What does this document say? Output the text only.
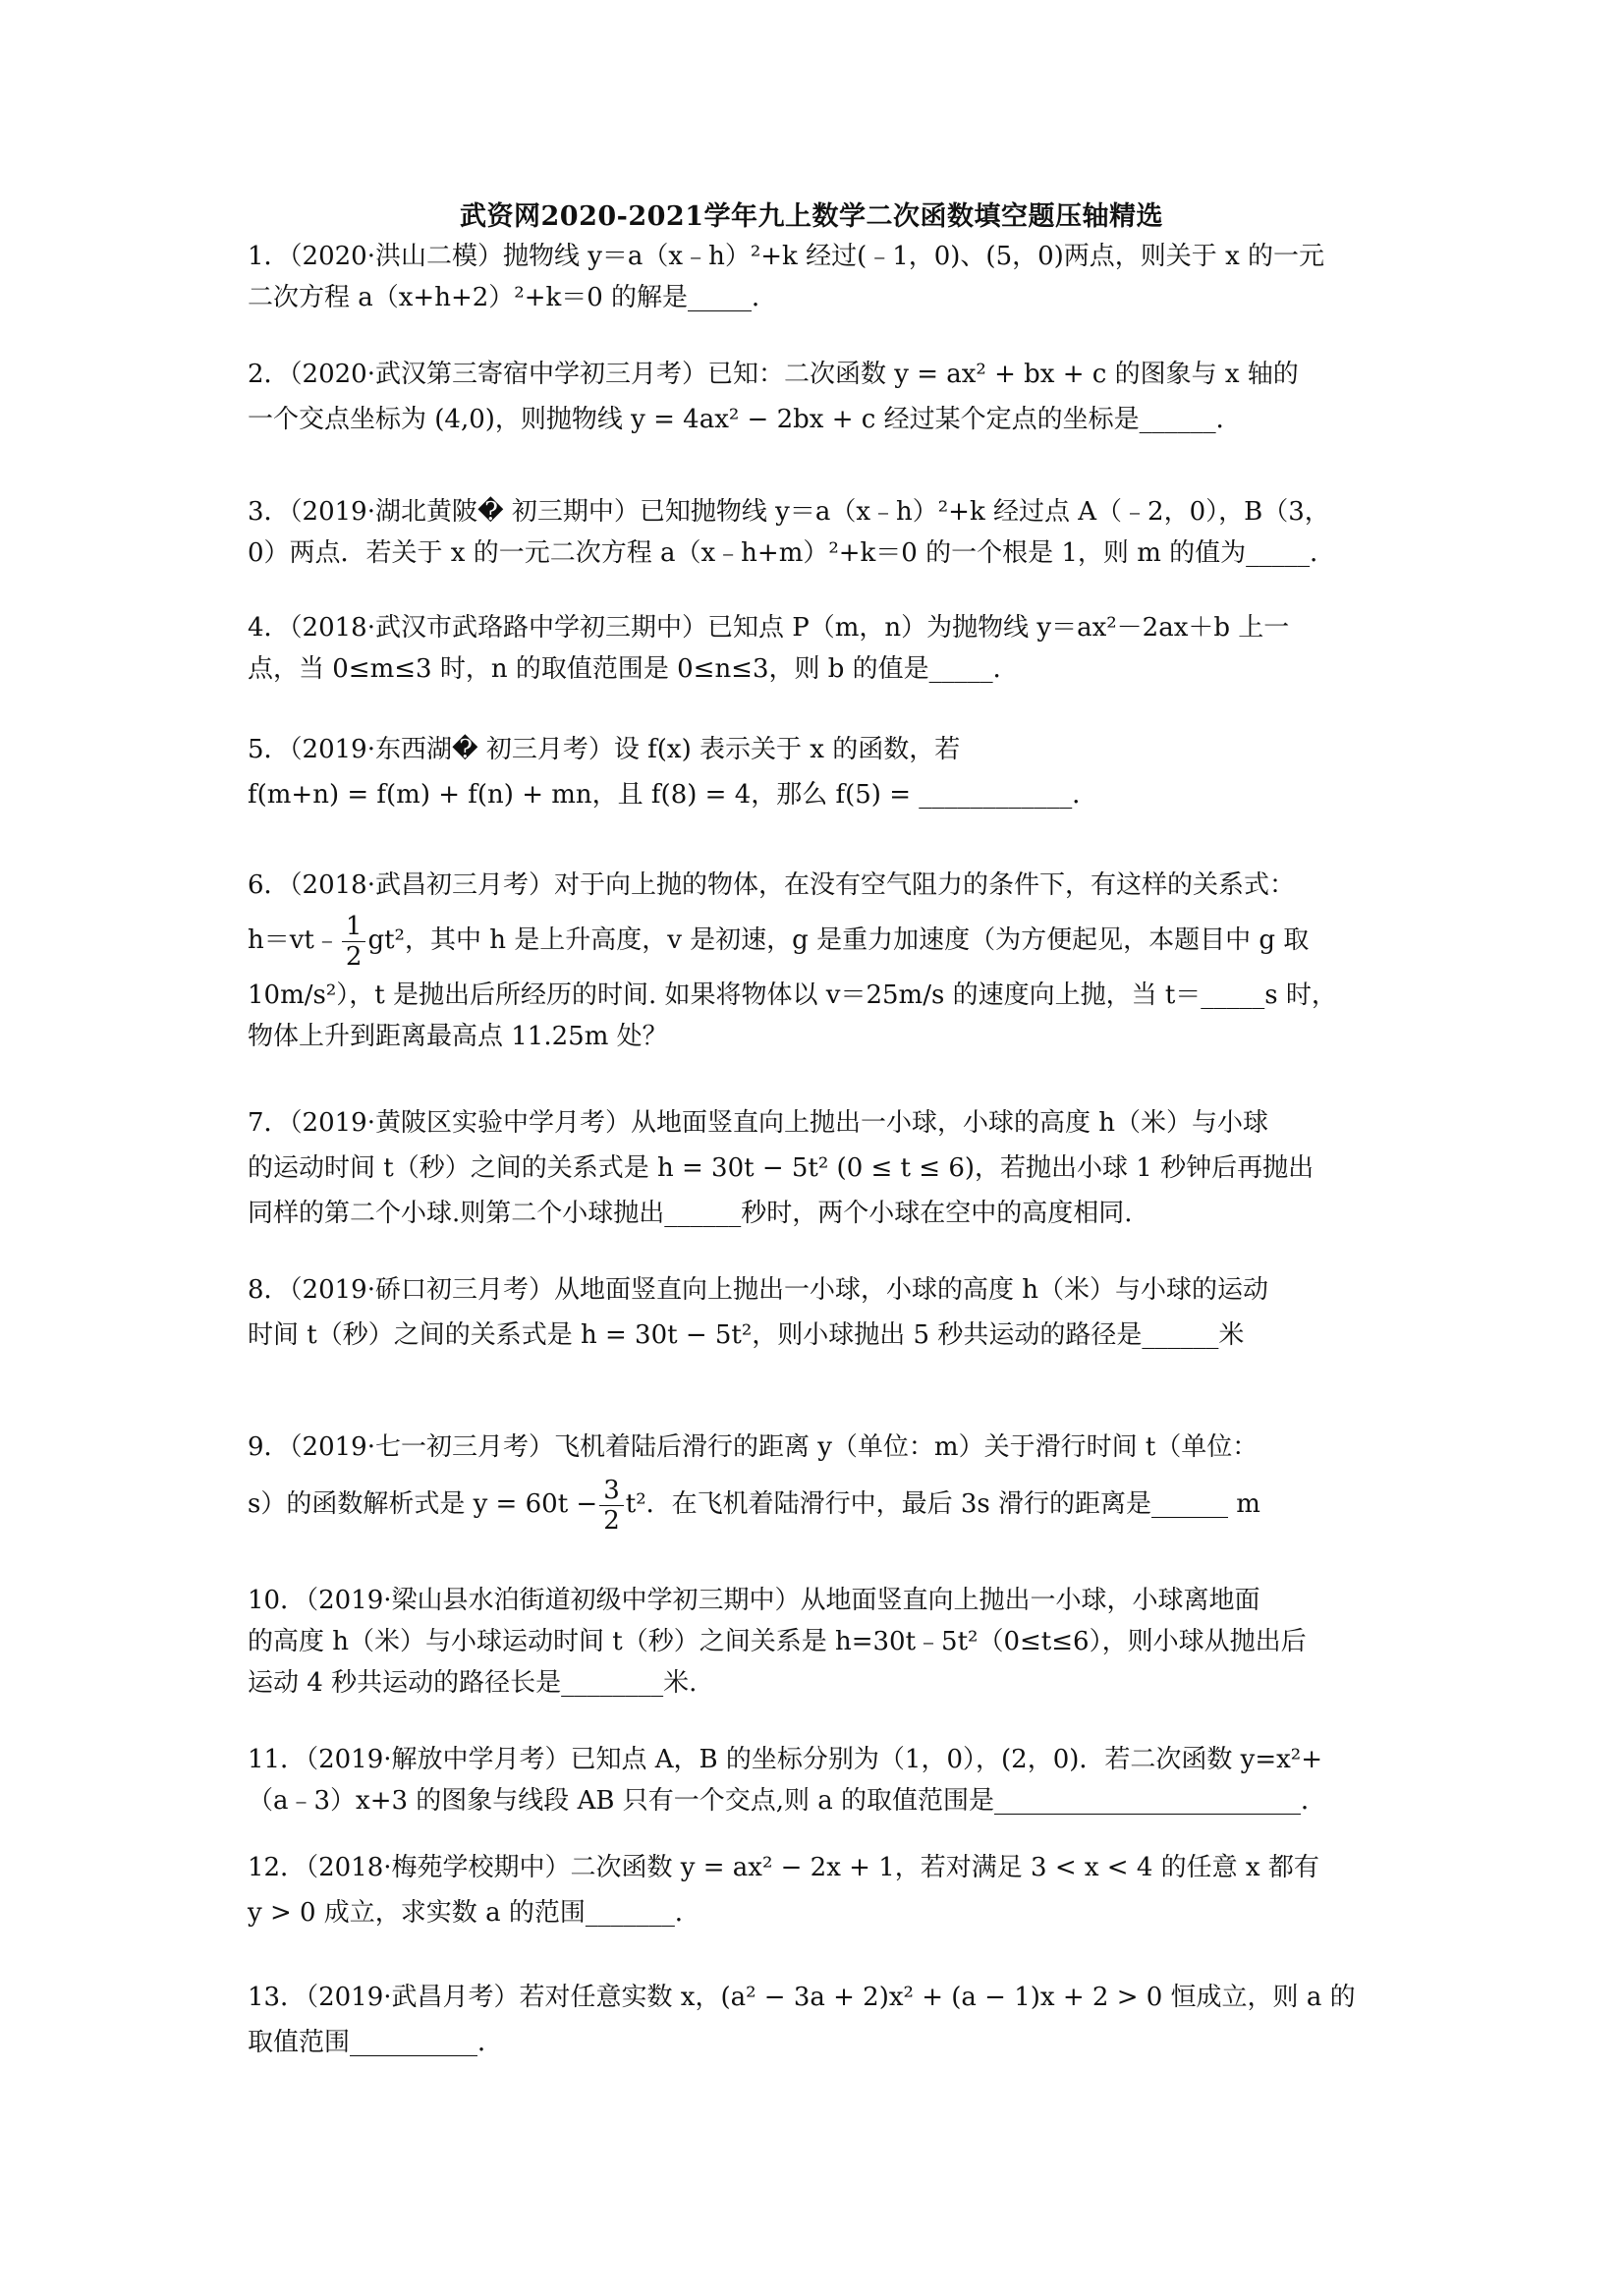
武资网2020-2021学年九上数学二次函数填空题压轴精选
1．（2020·洪山二模）抛物线 y＝a（x﹣h）²+k 经过(﹣1，0)、(5，0)两点，则关于 x 的一元
二次方程 a（x+h+2）²+k＝0 的解是_____．
2．（2020·武汉第三寄宿中学初三月考）已知：二次函数 y = ax² + bx + c 的图象与 x 轴的
一个交点坐标为 (4,0)，则抛物线 y = 4ax² − 2bx + c 经过某个定点的坐标是______．
3．（2019·湖北黄陂� 初三期中）已知抛物线 y＝a（x﹣h）²+k 经过点 A（﹣2，0），B（3，
0）两点．若关于 x 的一元二次方程 a（x﹣h+m）²+k＝0 的一个根是 1，则 m 的值为_____．
4．（2018·武汉市武珞路中学初三期中）已知点 P（m，n）为抛物线 y＝ax²－2ax＋b 上一
点，当 0≤m≤3 时，n 的取值范围是 0≤n≤3，则 b 的值是_____．
5．（2019·东西湖� 初三月考）设 f(x) 表示关于 x 的函数，若
f(m+n) = f(m) + f(n) + mn，且 f(8) = 4，那么 f(5) = ____________．
6．（2018·武昌初三月考）对于向上抛的物体，在没有空气阻力的条件下，有这样的关系式：
h＝vt﹣ $\frac{1}{2} gt^2$，其中 h 是上升高度，v 是初速，g 是重力加速度（为方便起见，本题目中 g 取
10m/s²），t 是抛出后所经历的时间. 如果将物体以 v＝25m/s 的速度向上抛，当 t＝_____s 时，
物体上升到距离最高点 11.25m 处？
7．（2019·黄陂区实验中学月考）从地面竖直向上抛出一小球，小球的高度 h（米）与小球
的运动时间 t（秒）之间的关系式是 h = 30t − 5t² (0 ≤ t ≤ 6)，若抛出小球 1 秒钟后再抛出
同样的第二个小球.则第二个小球抛出______秒时，两个小球在空中的高度相同.
8．（2019·硚口初三月考）从地面竖直向上抛出一小球，小球的高度 h（米）与小球的运动
时间 t（秒）之间的关系式是 h = 30t − 5t²，则小球抛出 5 秒共运动的路径是______米
9．（2019·七一初三月考）飞机着陆后滑行的距离 y（单位：m）关于滑行时间 t（单位：
s）的函数解析式是 $y = 60t - \frac{3}{2} t^2$．在飞机着陆滑行中，最后 3s 滑行的距离是______ m
10．（2019·梁山县水泊街道初级中学初三期中）从地面竖直向上抛出一小球，小球离地面
的高度 h（米）与小球运动时间 t（秒）之间关系是 h=30t﹣5t²（0≤t≤6），则小球从抛出后
运动 4 秒共运动的路径长是________米.
11．（2019·解放中学月考）已知点 A，B 的坐标分别为（1，0），(2，0)．若二次函数 y=x²+
（a﹣3）x+3 的图象与线段 AB 只有一个交点,则 a 的取值范围是________________________．
12．（2018·梅苑学校期中）二次函数 y = ax² − 2x + 1，若对满足 3 < x < 4 的任意 x 都有
y > 0 成立，求实数 a 的范围_______．
13．（2019·武昌月考）若对任意实数 x，(a² − 3a + 2)x² + (a − 1)x + 2 > 0 恒成立，则 a 的
取值范围__________．
